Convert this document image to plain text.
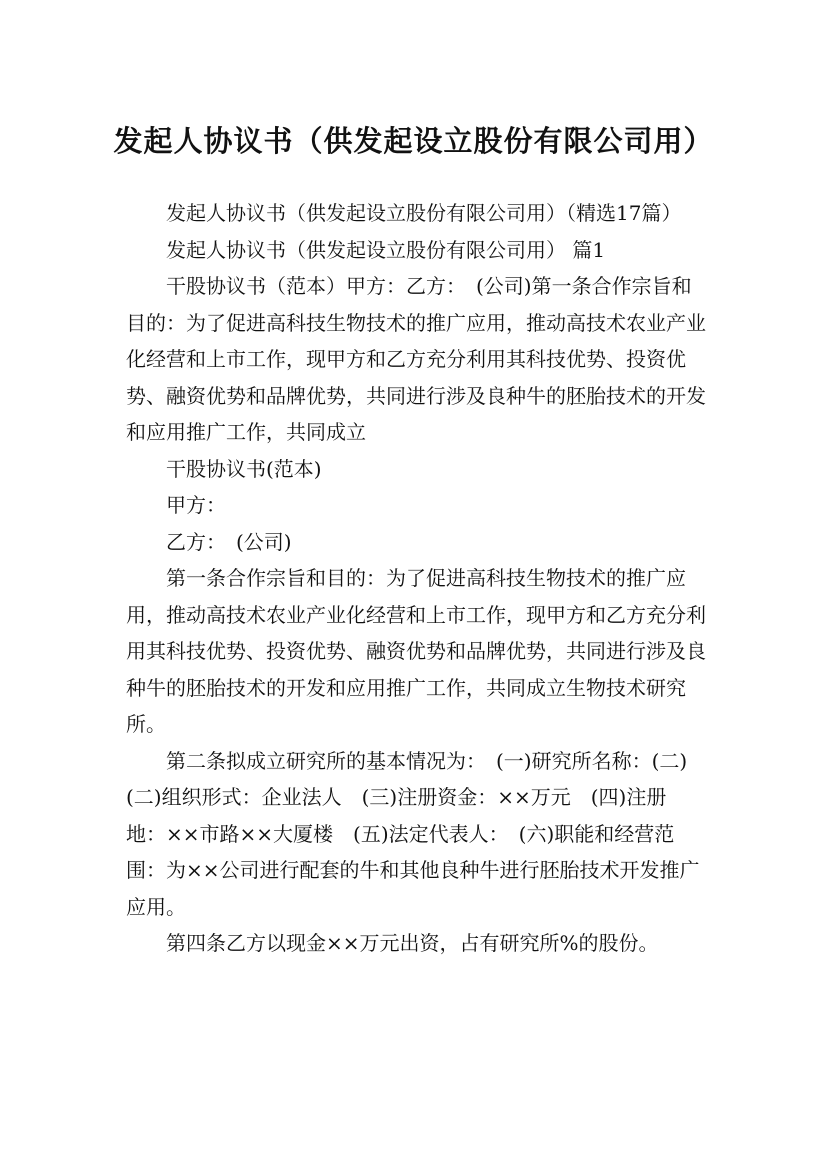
发起人协议书（供发起设立股份有限公司用）

发起人协议书（供发起设立股份有限公司用）（精选17篇）

发起人协议书（供发起设立股份有限公司用） 篇1

干股协议书（范本）甲方：乙方：　(公司)第一条合作宗旨和目的：为了促进高科技生物技术的推广应用，推动高技术农业产业化经营和上市工作，现甲方和乙方充分利用其科技优势、投资优势、融资优势和品牌优势，共同进行涉及良种牛的胚胎技术的开发和应用推广工作，共同成立

干股协议书(范本)

甲方：

乙方：　(公司)

第一条合作宗旨和目的：为了促进高科技生物技术的推广应用，推动高技术农业产业化经营和上市工作，现甲方和乙方充分利用其科技优势、投资优势、融资优势和品牌优势，共同进行涉及良种牛的胚胎技术的开发和应用推广工作，共同成立生物技术研究所。

第二条拟成立研究所的基本情况为：　(一)研究所名称：(二)　(二)组织形式：企业法人　(三)注册资金：××万元　(四)注册地：××市路××大厦楼　(五)法定代表人：　(六)职能和经营范围：为××公司进行配套的牛和其他良种牛进行胚胎技术开发推广应用。

第四条乙方以现金××万元出资，占有研究所%的股份。
